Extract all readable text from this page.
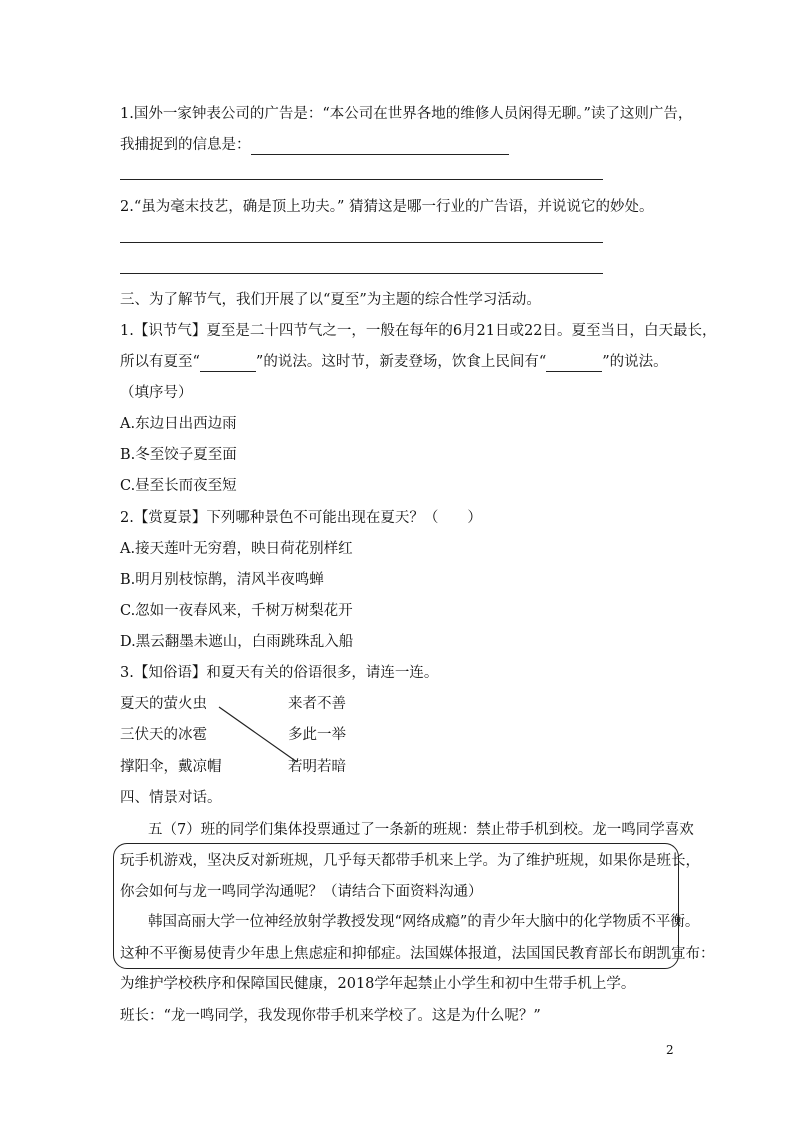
1.国外一家钟表公司的广告是：“本公司在世界各地的维修人员闲得无聊。”读了这则广告，
我捕捉到的信息是：
2.“虽为毫末技艺，确是顶上功夫。” 猜猜这是哪一行业的广告语，并说说它的妙处。
三、为了解节气，我们开展了以“夏至”为主题的综合性学习活动。
1.【识节气】夏至是二十四节气之一，一般在每年的6月21日或22日。夏至当日，白天最长，
所以有夏至“	”的说法。这时节，新麦登场，饮食上民间有“	”的说法。
（填序号）
A.东边日出西边雨
B.冬至饺子夏至面
C.昼至长而夜至短
2.【赏夏景】下列哪种景色不可能出现在夏天？（　　）
A.接天莲叶无穷碧，映日荷花别样红
B.明月别枝惊鹊，清风半夜鸣蝉
C.忽如一夜春风来，千树万树梨花开
D.黑云翻墨未遮山，白雨跳珠乱入船
3.【知俗语】和夏天有关的俗语很多，请连一连。
夏天的萤火虫
三伏天的冰雹
撑阳伞，戴凉帽
来者不善
多此一举
若明若暗
四、情景对话。
五（7）班的同学们集体投票通过了一条新的班规：禁止带手机到校。龙一鸣同学喜欢
玩手机游戏，坚决反对新班规，几乎每天都带手机来上学。为了维护班规，如果你是班长，
你会如何与龙一鸣同学沟通呢？（请结合下面资料沟通）
韩国高丽大学一位神经放射学教授发现“网络成瘾”的青少年大脑中的化学物质不平衡。
这种不平衡易使青少年患上焦虑症和抑郁症。法国媒体报道，法国国民教育部长布朗凯宣布：
为维护学校秩序和保障国民健康，2018学年起禁止小学生和初中生带手机上学。
班长：“龙一鸣同学，我发现你带手机来学校了。这是为什么呢？”
2
